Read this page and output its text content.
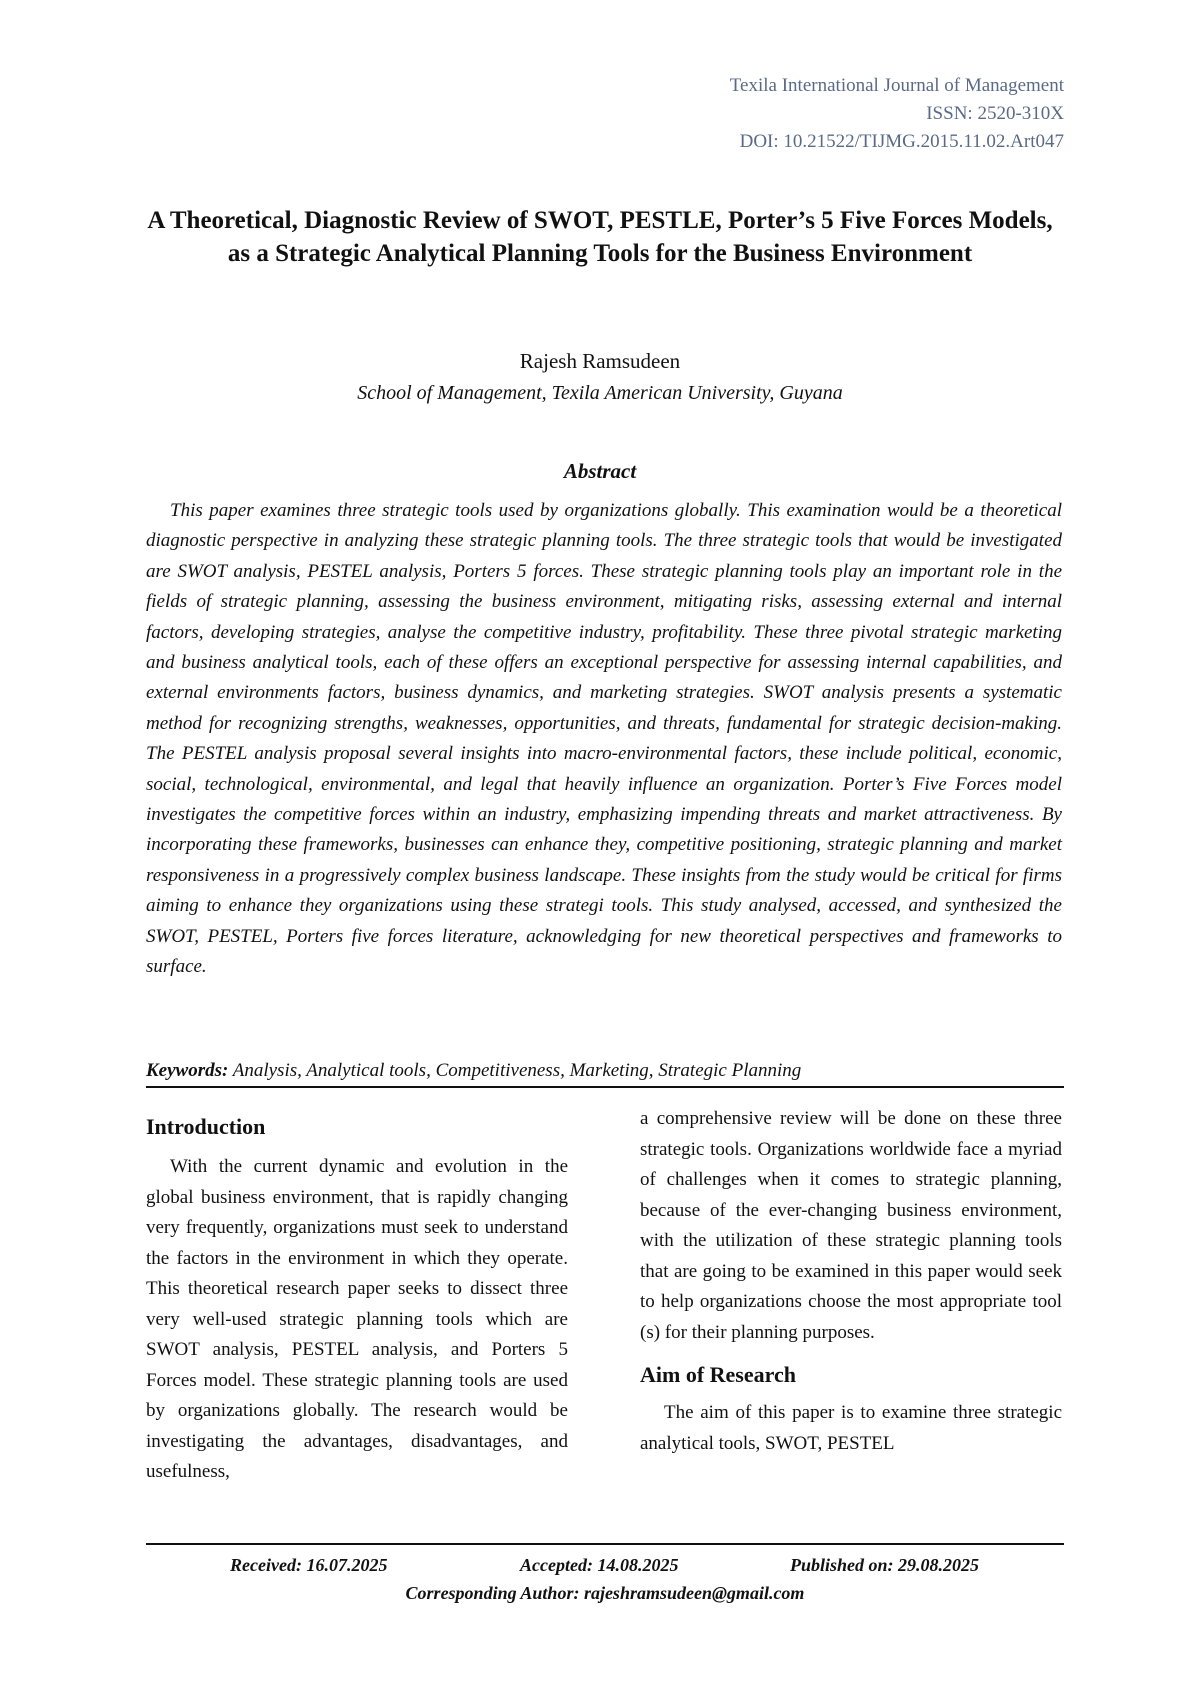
Texila International Journal of Management
ISSN: 2520-310X
DOI: 10.21522/TIJMG.2015.11.02.Art047
A Theoretical, Diagnostic Review of SWOT, PESTLE, Porter’s 5 Five Forces Models, as a Strategic Analytical Planning Tools for the Business Environment
Rajesh Ramsudeen
School of Management, Texila American University, Guyana
Abstract

This paper examines three strategic tools used by organizations globally. This examination would be a theoretical diagnostic perspective in analyzing these strategic planning tools. The three strategic tools that would be investigated are SWOT analysis, PESTEL analysis, Porters 5 forces. These strategic planning tools play an important role in the fields of strategic planning, assessing the business environment, mitigating risks, assessing external and internal factors, developing strategies, analyse the competitive industry, profitability. These three pivotal strategic marketing and business analytical tools, each of these offers an exceptional perspective for assessing internal capabilities, and external environments factors, business dynamics, and marketing strategies. SWOT analysis presents a systematic method for recognizing strengths, weaknesses, opportunities, and threats, fundamental for strategic decision-making. The PESTEL analysis proposal several insights into macro-environmental factors, these include political, economic, social, technological, environmental, and legal that heavily influence an organization. Porter’s Five Forces model investigates the competitive forces within an industry, emphasizing impending threats and market attractiveness. By incorporating these frameworks, businesses can enhance they, competitive positioning, strategic planning and market responsiveness in a progressively complex business landscape. These insights from the study would be critical for firms aiming to enhance they organizations using these strategi tools. This study analysed, accessed, and synthesized the SWOT, PESTEL, Porters five forces literature, acknowledging for new theoretical perspectives and frameworks to surface.

Keywords: Analysis, Analytical tools, Competitiveness, Marketing, Strategic Planning
Introduction

With the current dynamic and evolution in the global business environment, that is rapidly changing very frequently, organizations must seek to understand the factors in the environment in which they operate. This theoretical research paper seeks to dissect three very well-used strategic planning tools which are SWOT analysis, PESTEL analysis, and Porters 5 Forces model. These strategic planning tools are used by organizations globally. The research would be investigating the advantages, disadvantages, and usefulness,

a comprehensive review will be done on these three strategic tools. Organizations worldwide face a myriad of challenges when it comes to strategic planning, because of the ever-changing business environment, with the utilization of these strategic planning tools that are going to be examined in this paper would seek to help organizations choose the most appropriate tool (s) for their planning purposes.

Aim of Research

The aim of this paper is to examine three strategic analytical tools, SWOT, PESTEL

Received: 16.07.2025	Accepted: 14.08.2025	Published on: 29.08.2025
Corresponding Author: rajeshramsudeen@gmail.com
